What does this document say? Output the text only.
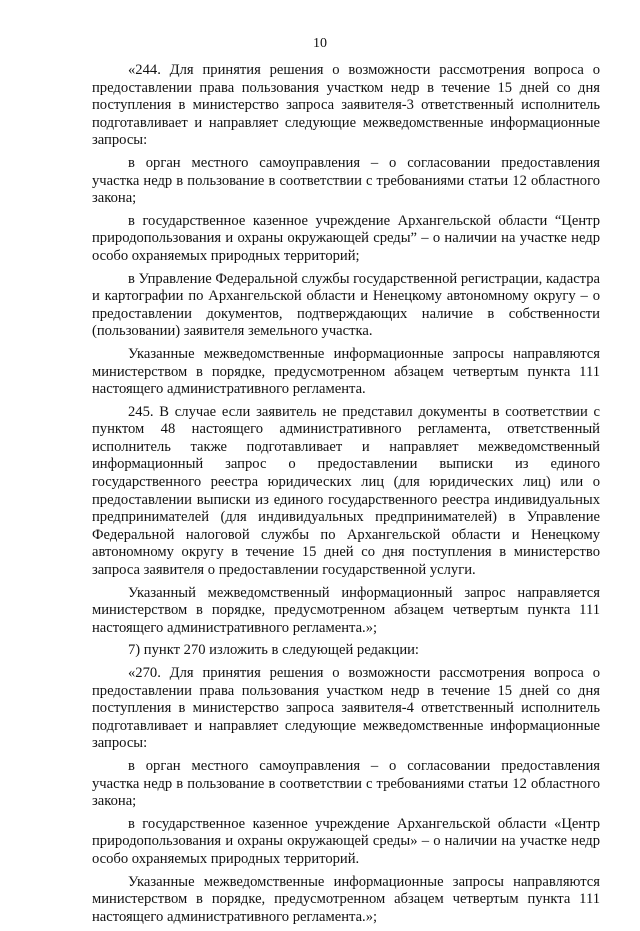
10

«244. Для принятия решения о возможности рассмотрения вопроса о предоставлении права пользования участком недр в течение 15 дней со дня поступления в министерство запроса заявителя-3 ответственный исполнитель подготавливает и направляет следующие межведомственные информационные запросы:

в орган местного самоуправления – о согласовании предоставления участка недр в пользование в соответствии с требованиями статьи 12 областного закона;

в государственное казенное учреждение Архангельской области “Центр природопользования и охраны окружающей среды” – о наличии на участке недр особо охраняемых природных территорий;

в Управление Федеральной службы государственной регистрации, кадастра и картографии по Архангельской области и Ненецкому автономному округу – о предоставлении документов, подтверждающих наличие в собственности (пользовании) заявителя земельного участка.

Указанные межведомственные информационные запросы направляются министерством в порядке, предусмотренном абзацем четвертым пункта 111 настоящего административного регламента.

245. В случае если заявитель не представил документы в соответствии с пунктом 48 настоящего административного регламента, ответственный исполнитель также подготавливает и направляет межведомственный информационный запрос о предоставлении выписки из единого государственного реестра юридических лиц (для юридических лиц) или о предоставлении выписки из единого государственного реестра индивидуальных предпринимателей (для индивидуальных предпринимателей) в Управление Федеральной налоговой службы по Архангельской области и Ненецкому автономному округу в течение 15 дней со дня поступления в министерство запроса заявителя о предоставлении государственной услуги.

Указанный межведомственный информационный запрос направляется министерством в порядке, предусмотренном абзацем четвертым пункта 111 настоящего административного регламента.»;

7) пункт 270 изложить в следующей редакции:

«270. Для принятия решения о возможности рассмотрения вопроса о предоставлении права пользования участком недр в течение 15 дней со дня поступления в министерство запроса заявителя-4 ответственный исполнитель подготавливает и направляет следующие межведомственные информационные запросы:

в орган местного самоуправления – о согласовании предоставления участка недр в пользование в соответствии с требованиями статьи 12 областного закона;

в государственное казенное учреждение Архангельской области «Центр природопользования и охраны окружающей среды» – о наличии на участке недр особо охраняемых природных территорий.

Указанные межведомственные информационные запросы направляются министерством в порядке, предусмотренном абзацем четвертым пункта 111 настоящего административного регламента.»;
